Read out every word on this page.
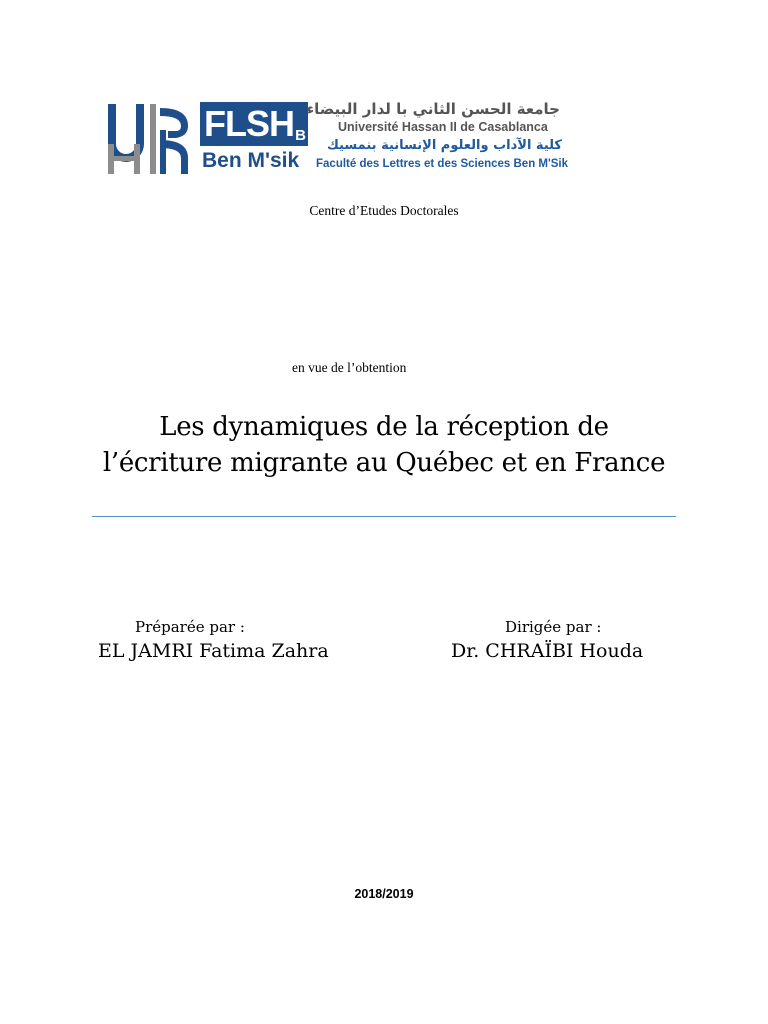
FLSH B
Ben M'sik
جامعة الحسن الثاني با لدار البيضاء
Université Hassan II de Casablanca
كلية الآداب والعلوم الإنسانية بنمسيك
Faculté des Lettres et des Sciences Ben M'Sik
Centre d’Etudes Doctorales
en vue de l’obtention
Les dynamiques de la réception de
l’écriture migrante au Québec et en France
Préparée par :
EL JAMRI Fatima Zahra
Dirigée par :
Dr. CHRAÏBI Houda
2018/2019
